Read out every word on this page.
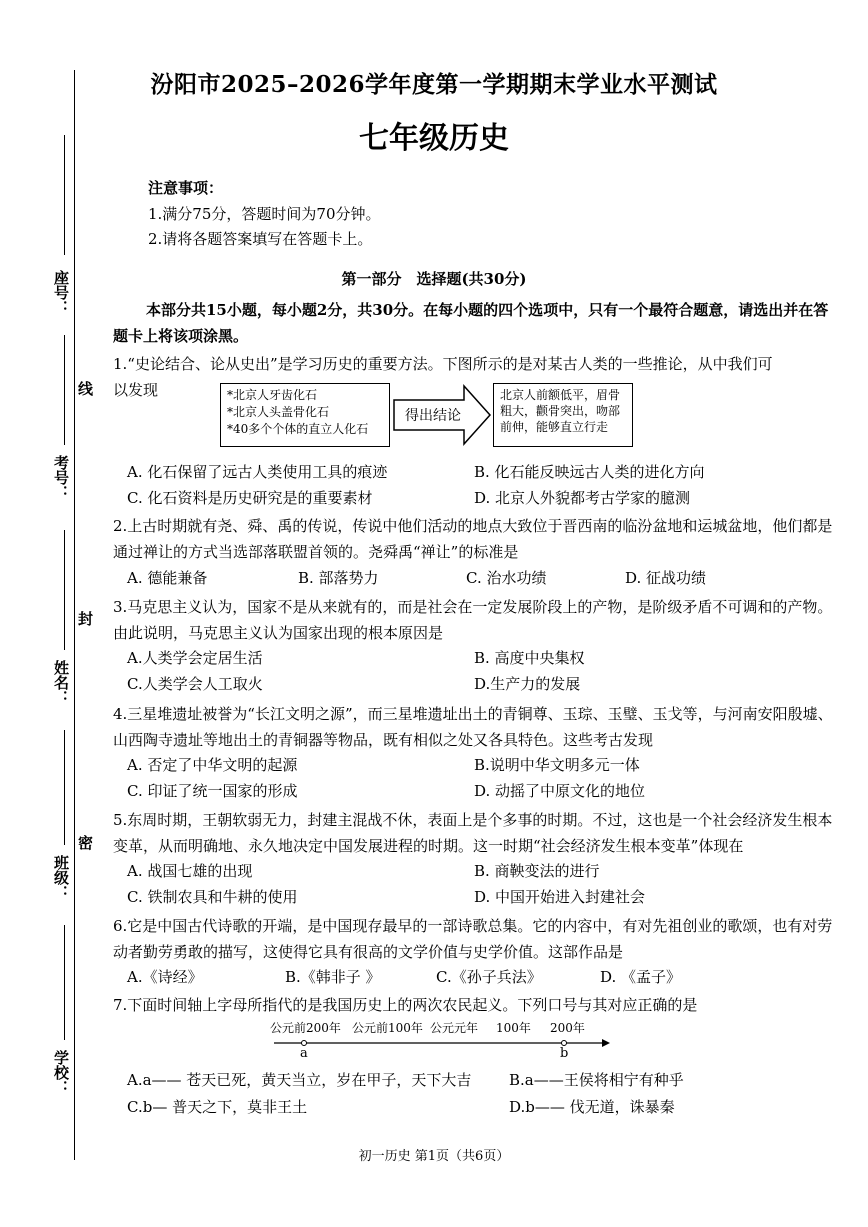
座号：
考号：
姓名：
班级：
学校：
线
封
密
汾阳市2025–2026学年度第一学期期末学业水平测试
七年级历史
注意事项：
1.满分75分，答题时间为70分钟。
2.请将各题答案填写在答题卡上。
第一部分　选择题(共30分)
本部分共15小题，每小题2分，共30分。在每小题的四个选项中，只有一个最符合题意，请选出并在答题卡上将该项涂黑。
1.“史论结合、论从史出”是学习历史的重要方法。下图所示的是对某古人类的一些推论，从中我们可
以发现	*北京人牙齿化石
*北京人头盖骨化石
*40多个个体的直立人化石
得出结论
北京人前额低平，眉骨粗大，颧骨突出，吻部前伸，能够直立行走
A. 化石保留了远古人类使用工具的痕迹	B. 化石能反映远古人类的进化方向
C. 化石资料是历史研究是的重要素材	D. 北京人外貌都考古学家的臆测
2.上古时期就有尧、舜、禹的传说，传说中他们活动的地点大致位于晋西南的临汾盆地和运城盆地，他们都是通过禅让的方式当选部落联盟首领的。尧舜禹“禅让”的标准是
A. 德能兼备	B. 部落势力	C. 治水功绩	D. 征战功绩
3.马克思主义认为，国家不是从来就有的，而是社会在一定发展阶段上的产物，是阶级矛盾不可调和的产物。由此说明，马克思主义认为国家出现的根本原因是
A.人类学会定居生活	B. 高度中央集权
C.人类学会人工取火	D.生产力的发展
4.三星堆遗址被誉为“长江文明之源”，而三星堆遗址出土的青铜尊、玉琮、玉璧、玉戈等，与河南安阳殷墟、山西陶寺遗址等地出土的青铜器等物品，既有相似之处又各具特色。这些考古发现
A. 否定了中华文明的起源	B.说明中华文明多元一体
C. 印证了统一国家的形成	D. 动摇了中原文化的地位
5.东周时期，王朝软弱无力，封建主混战不休，表面上是个多事的时期。不过，这也是一个社会经济发生根本变革，从而明确地、永久地决定中国发展进程的时期。这一时期“社会经济发生根本变革”体现在
A. 战国七雄的出现	B. 商鞅变法的进行
C. 铁制农具和牛耕的使用	D. 中国开始进入封建社会
6.它是中国古代诗歌的开端，是中国现存最早的一部诗歌总集。它的内容中，有对先祖创业的歌颂，也有对劳动者勤劳勇敢的描写，这使得它具有很高的文学价值与史学价值。这部作品是
A.《诗经》	B.《韩非子 》	C.《孙子兵法》	D. 《孟子》
7.下面时间轴上字母所指代的是我国历史上的两次农民起义。下列口号与其对应正确的是
公元前200年 公元前100年 公元元年 100年 200年
a	b
A.a—— 苍天已死，黄天当立，岁在甲子，天下大吉	B.a——王侯将相宁有种乎
C.b— 普天之下，莫非王土	D.b—— 伐无道，诛暴秦
初一历史 第1页（共6页）
